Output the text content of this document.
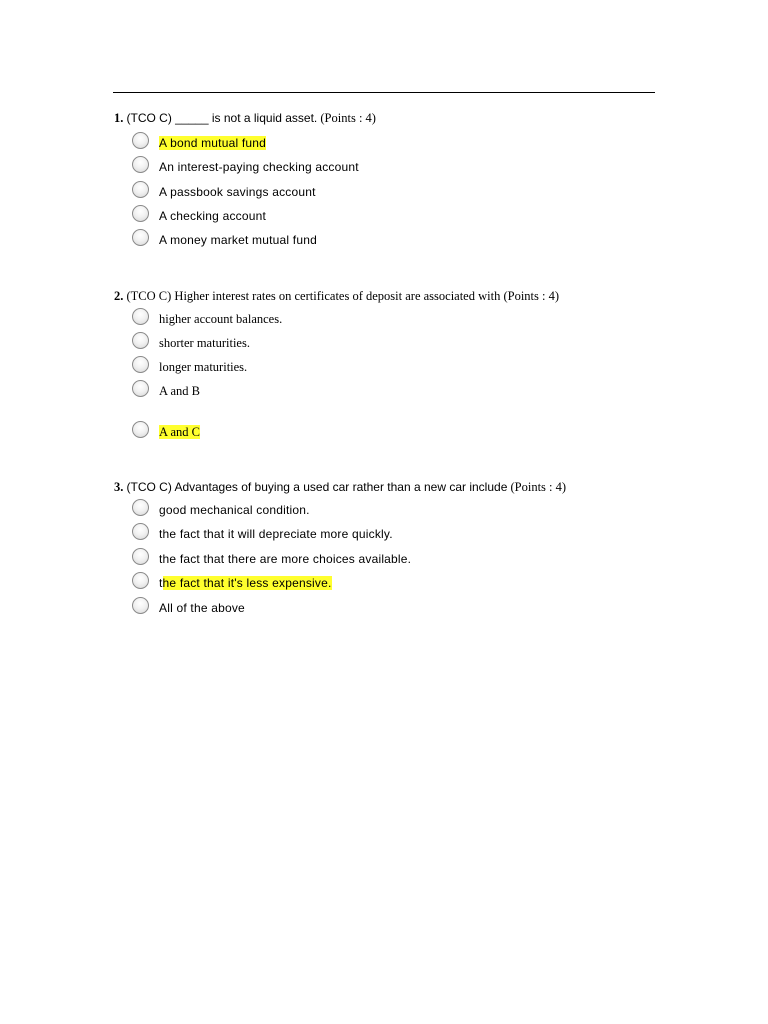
1. (TCO C) _____ is not a liquid asset. (Points : 4)
A bond mutual fund
An interest-paying checking account
A passbook savings account
A checking account
A money market mutual fund
2. (TCO C) Higher interest rates on certificates of deposit are associated with (Points : 4)
higher account balances.
shorter maturities.
longer maturities.
A and B
A and C
3. (TCO C) Advantages of buying a used car rather than a new car include (Points : 4)
good mechanical condition.
the fact that it will depreciate more quickly.
the fact that there are more choices available.
the fact that it's less expensive.
All of the above
